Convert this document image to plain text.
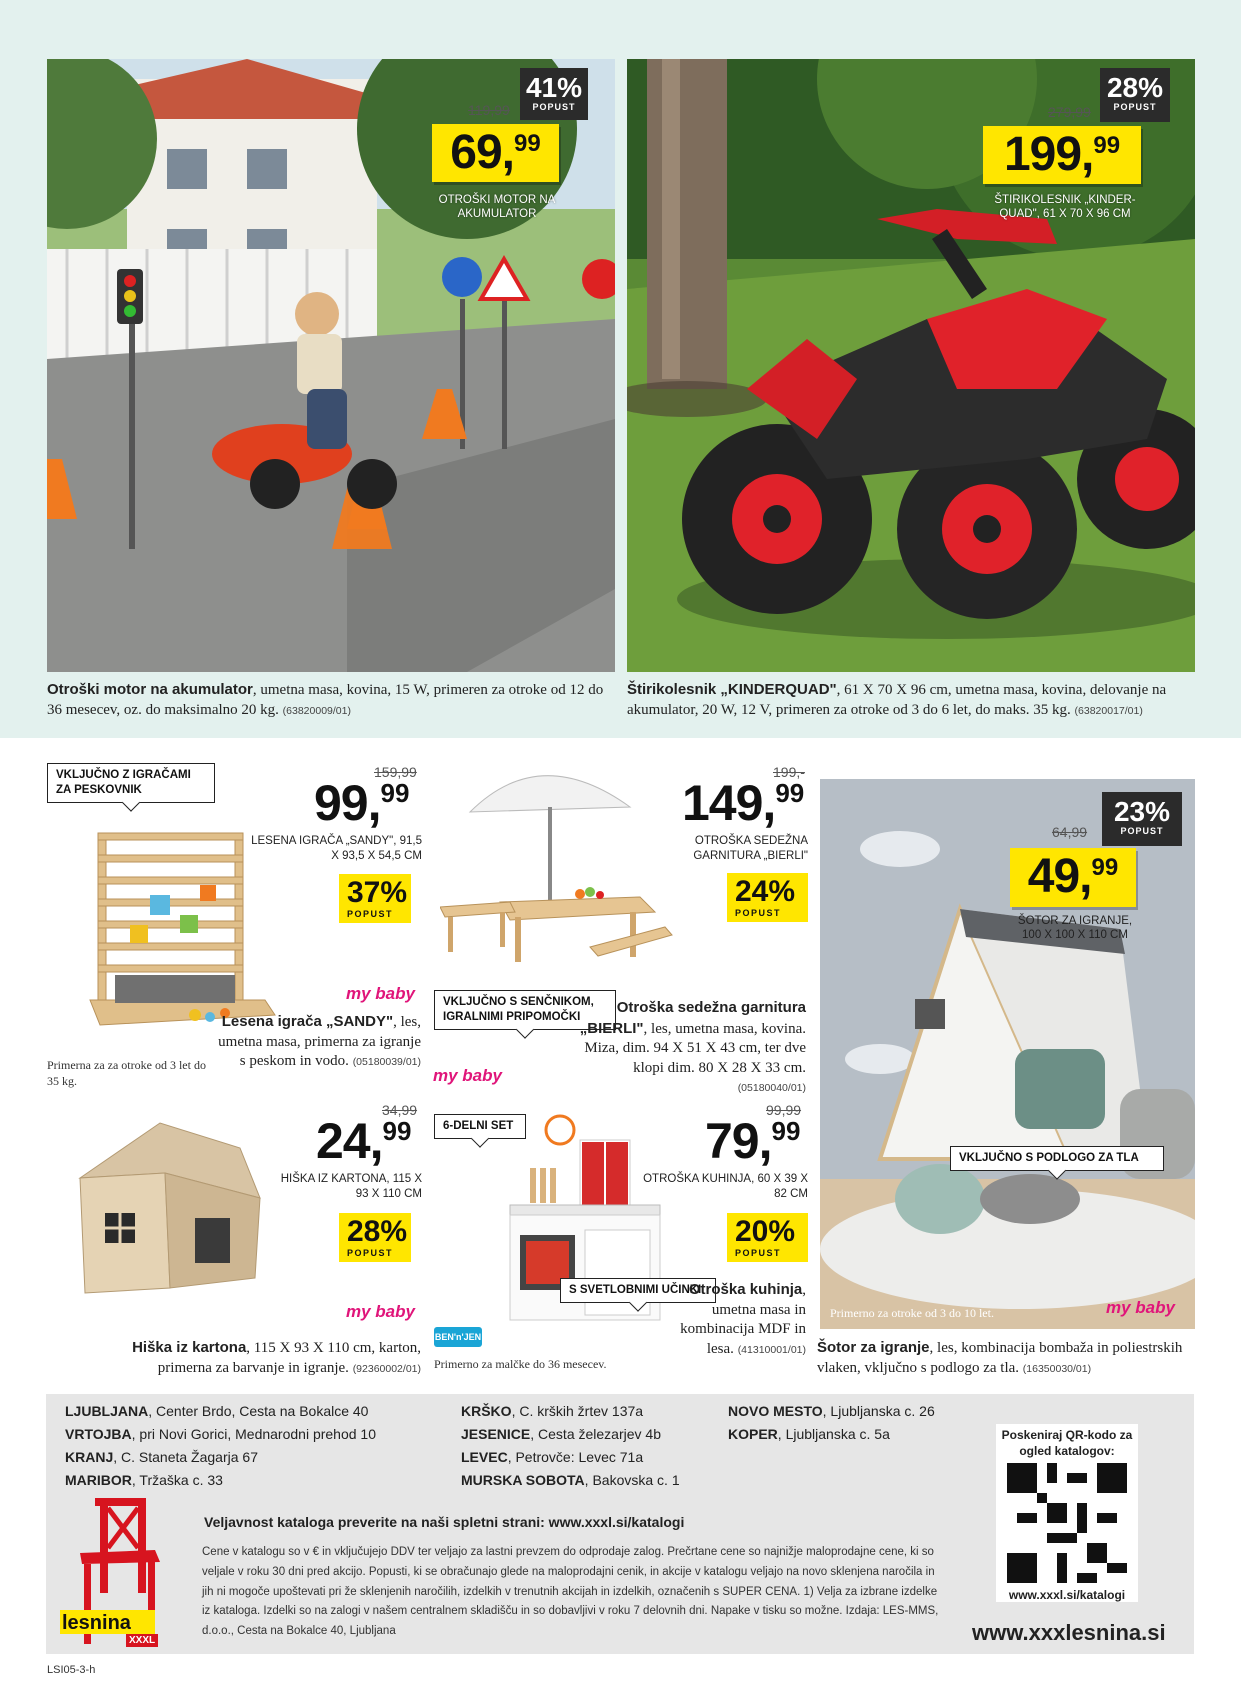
119,99
41%
POPUST
69, 99
OTROŠKI MOTOR NA AKUMULATOR
Otroški motor na akumulator, umetna masa, kovina, 15 W, primeren za otroke od 12 do 36 mesecev, oz. do maksimalno 20 kg. (63820009/01)
279,99
28%
POPUST
199, 99
ŠTIRIKOLESNIK „KINDER-QUAD", 61 X 70 X 96 CM
Štirikolesnik „KINDERQUAD", 61 X 70 X 96 cm, umetna masa, kovina, delovanje na akumulator, 20 W, 12 V, primeren za otroke od 3 do 6 let, do maks. 35 kg. (63820017/01)
VKLJUČNO Z IGRAČAMI ZA PESKOVNIK
159,99
99, 99
LESENA IGRAČA „SANDY", 91,5 X 93,5 X 54,5 CM
37%
POPUST
my baby
Lesena igrača „SANDY", les, umetna masa, primerna za igranje s peskom in vodo. (05180039/01)
Primerna za za otroke od 3 let do 35 kg.
VKLJUČNO S SENČNIKOM, IGRALNIMI PRIPOMOČKI
199,-
149, 99
OTROŠKA SEDEŽNA GARNITURA „BIERLI"
24%
POPUST
Otroška sedežna garnitura „BIERLI", les, umetna masa, kovina. Miza, dim. 94 X 51 X 43 cm, ter dve klopi dim. 80 X 28 X 33 cm. (05180040/01)
my baby
64,99
23%
POPUST
49, 99
ŠOTOR ZA IGRANJE, 100 X 100 X 110 CM
VKLJUČNO S PODLOGO ZA TLA
Primerno za otroke od 3 do 10 let.	my baby
Šotor za igranje, les, kombinacija bombaža in poliestrskih vlaken, vključno s podlogo za tla. (16350030/01)
34,99
24, 99
HIŠKA IZ KARTONA, 115 X 93 X 110 CM
28%
POPUST
my baby
Hiška iz kartona, 115 X 93 X 110 cm, karton, primerna za barvanje in igranje. (92360002/01)
6-DELNI SET
S SVETLOBNIMI UČINKI
99,99
79, 99
OTROŠKA KUHINJA, 60 X 39 X 82 CM
20%
POPUST
Otroška kuhinja, umetna masa in kombinacija MDF in lesa. (41310001/01)
BEN'n'JEN
Primerno za malčke do 36 mesecev.
LJUBLJANA, Center Brdo, Cesta na Bokalce 40
VRTOJBA, pri Novi Gorici, Mednarodni prehod 10
KRANJ, C. Staneta Žagarja 67
MARIBOR, Tržaška c. 33
KRŠKO, C. krških žrtev 137a
JESENICE, Cesta železarjev 4b
LEVEC, Petrovče: Levec 71a
MURSKA SOBOTA, Bakovska c. 1
NOVO MESTO, Ljubljanska c. 26
KOPER, Ljubljanska c. 5a
lesnina
XXXL
Veljavnost kataloga preverite na naši spletni strani: www.xxxl.si/katalogi
Cene v katalogu so v € in vključujejo DDV ter veljajo za lastni prevzem do odprodaje zalog. Prečrtane cene so najnižje maloprodajne cene, ki so veljale v roku 30 dni pred akcijo. Popusti, ki se obračunajo glede na maloprodajni cenik, in akcije v katalogu veljajo na novo sklenjena naročila in jih ni mogoče upoštevati pri že sklenjenih naročilih, izdelkih v trenutnih akcijah in izdelkih, označenih s SUPER CENA. 1) Velja za izbrane izdelke iz kataloga. Izdelki so na zalogi v našem centralnem skladišču in so dobavljivi v roku 7 delovnih dni. Napake v tisku so možne. Izdaja: LES-MMS, d.o.o., Cesta na Bokalce 40, Ljubljana
Poskeniraj QR-kodo za ogled katalogov:
www.xxxl.si/katalogi
www.xxxlesnina.si
LSI05-3-h
